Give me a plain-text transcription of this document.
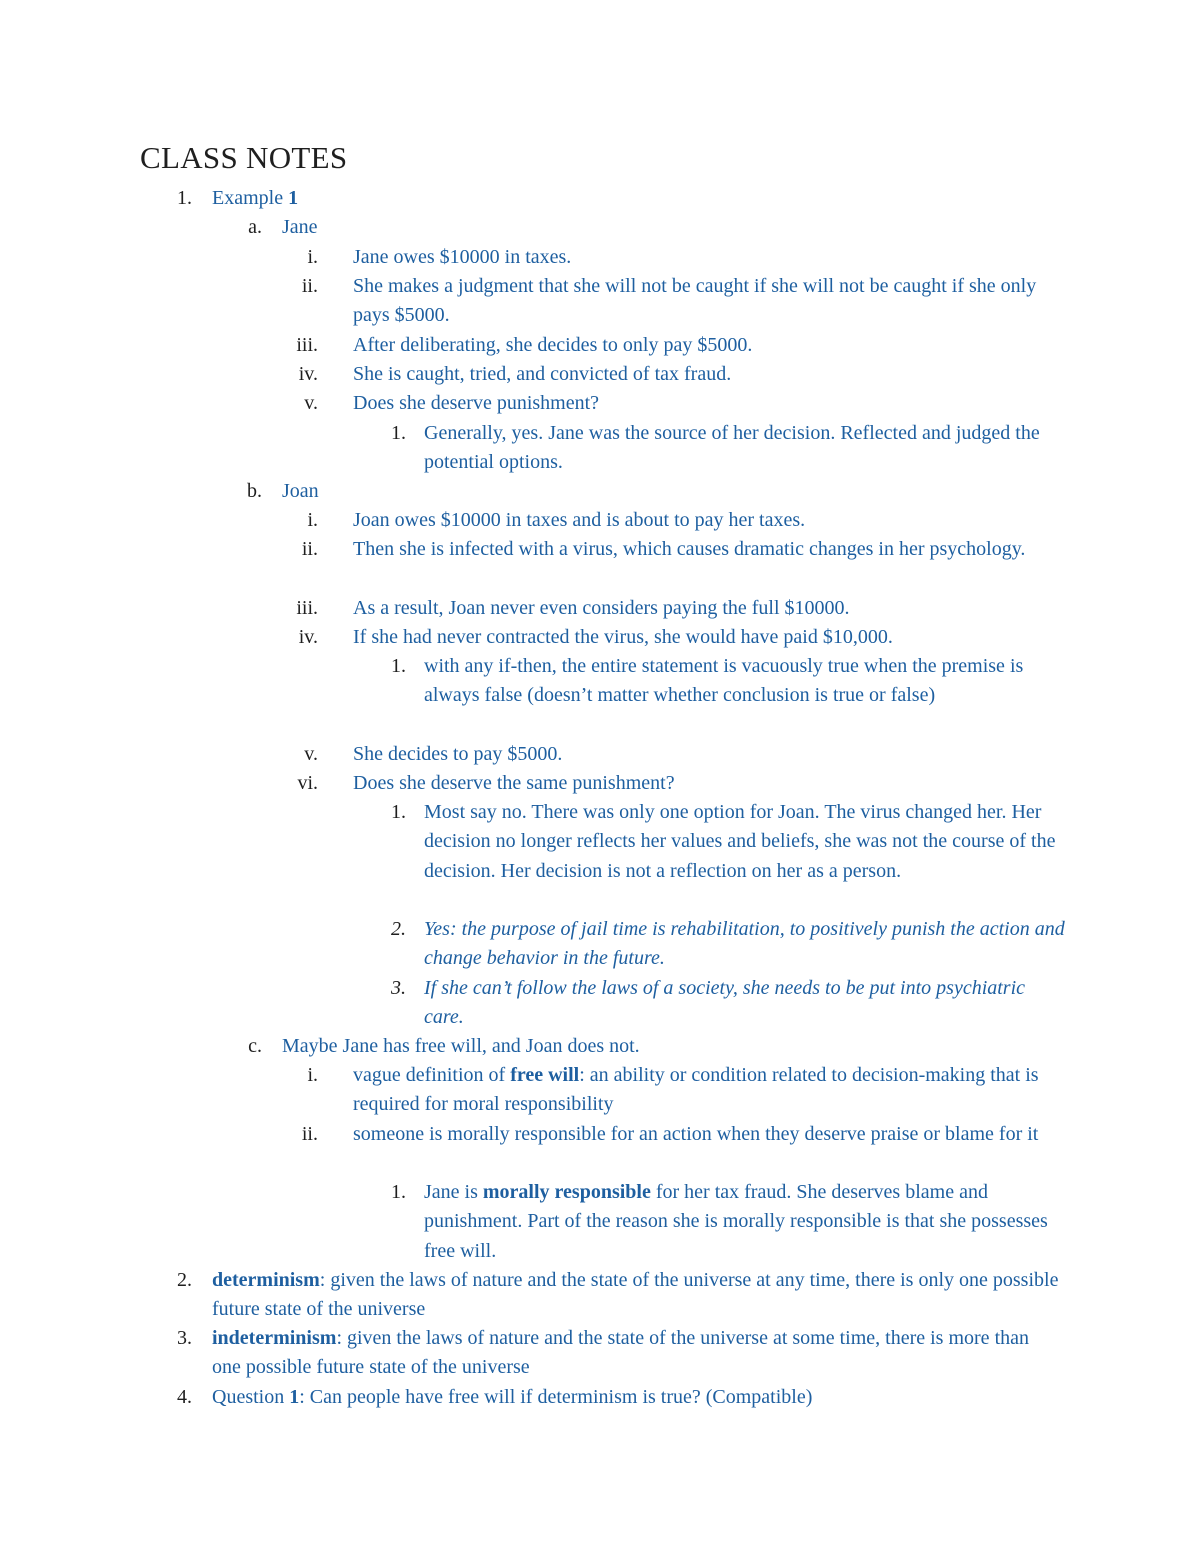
CLASS NOTES
1. Example 1
a. Jane
i. Jane owes $10000 in taxes.
ii. She makes a judgment that she will not be caught if she will not be caught if she only pays $5000.
iii. After deliberating, she decides to only pay $5000.
iv. She is caught, tried, and convicted of tax fraud.
v. Does she deserve punishment?
1. Generally, yes. Jane was the source of her decision. Reflected and judged the potential options.
b. Joan
i. Joan owes $10000 in taxes and is about to pay her taxes.
ii. Then she is infected with a virus, which causes dramatic changes in her psychology.
iii. As a result, Joan never even considers paying the full $10000.
iv. If she had never contracted the virus, she would have paid $10,000.
1. with any if-then, the entire statement is vacuously true when the premise is always false (doesn’t matter whether conclusion is true or false)
v. She decides to pay $5000.
vi. Does she deserve the same punishment?
1. Most say no. There was only one option for Joan. The virus changed her. Her decision no longer reflects her values and beliefs, she was not the course of the decision. Her decision is not a reflection on her as a person.
2. Yes: the purpose of jail time is rehabilitation, to positively punish the action and change behavior in the future.
3. If she can’t follow the laws of a society, she needs to be put into psychiatric care.
c. Maybe Jane has free will, and Joan does not.
i. vague definition of free will: an ability or condition related to decision-making that is required for moral responsibility
ii. someone is morally responsible for an action when they deserve praise or blame for it
1. Jane is morally responsible for her tax fraud. She deserves blame and punishment. Part of the reason she is morally responsible is that she possesses free will.
2. determinism: given the laws of nature and the state of the universe at any time, there is only one possible future state of the universe
3. indeterminism: given the laws of nature and the state of the universe at some time, there is more than one possible future state of the universe
4. Question 1: Can people have free will if determinism is true? (Compatible)
